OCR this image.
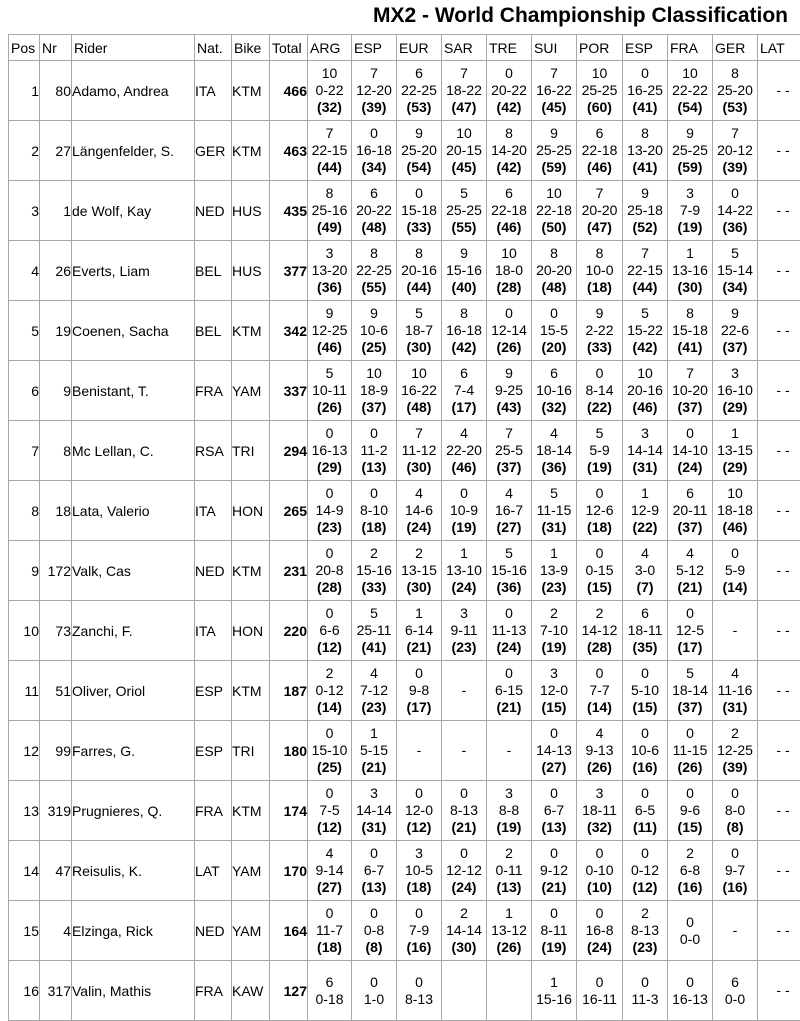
MX2 - World Championship Classification
Pos	Nr	Rider	Nat.	Bike	Total	ARG	ESP	EUR	SAR	TRE	SUI	POR	ESP	FRA	GER	LAT
1	80	Adamo, Andrea	ITA	KTM	466	10
0-22
(32)	7
12-20
(39)	6
22-25
(53)	7
18-22
(47)	0
20-22
(42)	7
16-22
(45)	10
25-25
(60)	0
16-25
(41)	10
22-22
(54)	8
25-20
(53)	- -

2	27	Längenfelder, S.	GER	KTM	463	7
22-15
(44)	0
16-18
(34)	9
25-20
(54)	10
20-15
(45)	8
14-20
(42)	9
25-25
(59)	6
22-18
(46)	8
13-20
(41)	9
25-25
(59)	7
20-12
(39)	- -

3	1	de Wolf, Kay	NED	HUS	435	8
25-16
(49)	6
20-22
(48)	0
15-18
(33)	5
25-25
(55)	6
22-18
(46)	10
22-18
(50)	7
20-20
(47)	9
25-18
(52)	3
7-9
(19)	0
14-22
(36)	- -

4	26	Everts, Liam	BEL	HUS	377	3
13-20
(36)	8
22-25
(55)	8
20-16
(44)	9
15-16
(40)	10
18-0
(28)	8
20-20
(48)	8
10-0
(18)	7
22-15
(44)	1
13-16
(30)	5
15-14
(34)	- -

5	19	Coenen, Sacha	BEL	KTM	342	9
12-25
(46)	9
10-6
(25)	5
18-7
(30)	8
16-18
(42)	0
12-14
(26)	0
15-5
(20)	9
2-22
(33)	5
15-22
(42)	8
15-18
(41)	9
22-6
(37)	- -

6	9	Benistant, T.	FRA	YAM	337	5
10-11
(26)	10
18-9
(37)	10
16-22
(48)	6
7-4
(17)	9
9-25
(43)	6
10-16
(32)	0
8-14
(22)	10
20-16
(46)	7
10-20
(37)	3
16-10
(29)	- -

7	8	Mc Lellan, C.	RSA	TRI	294	0
16-13
(29)	0
11-2
(13)	7
11-12
(30)	4
22-20
(46)	7
25-5
(37)	4
18-14
(36)	5
5-9
(19)	3
14-14
(31)	0
14-10
(24)	1
13-15
(29)	- -

8	18	Lata, Valerio	ITA	HON	265	0
14-9
(23)	0
8-10
(18)	4
14-6
(24)	0
10-9
(19)	4
16-7
(27)	5
11-15
(31)	0
12-6
(18)	1
12-9
(22)	6
20-11
(37)	10
18-18
(46)	- -

9	172	Valk, Cas	NED	KTM	231	0
20-8
(28)	2
15-16
(33)	2
13-15
(30)	1
13-10
(24)	5
15-16
(36)	1
13-9
(23)	0
0-15
(15)	4
3-0
(7)	4
5-12
(21)	0
5-9
(14)	- -

10	73	Zanchi, F.	ITA	HON	220	0
6-6
(12)	5
25-11
(41)	1
6-14
(21)	3
9-11
(23)	0
11-13
(24)	2
7-10
(19)	2
14-12
(28)	6
18-11
(35)	0
12-5
(17)	-	- -

11	51	Oliver, Oriol	ESP	KTM	187	2
0-12
(14)	4
7-12
(23)	0
9-8
(17)	-	0
6-15
(21)	3
12-0
(15)	0
7-7
(14)	0
5-10
(15)	5
18-14
(37)	4
11-16
(31)	- -

12	99	Farres, G.	ESP	TRI	180	0
15-10
(25)	1
5-15
(21)	-	-	-	0
14-13
(27)	4
9-13
(26)	0
10-6
(16)	0
11-15
(26)	2
12-25
(39)	- -

13	319	Prugnieres, Q.	FRA	KTM	174	0
7-5
(12)	3
14-14
(31)	0
12-0
(12)	0
8-13
(21)	3
8-8
(19)	0
6-7
(13)	3
18-11
(32)	0
6-5
(11)	0
9-6
(15)	0
8-0
(8)	- -

14	47	Reisulis, K.	LAT	YAM	170	4
9-14
(27)	0
6-7
(13)	3
10-5
(18)	0
12-12
(24)	2
0-11
(13)	0
9-12
(21)	0
0-10
(10)	0
0-12
(12)	2
6-8
(16)	0
9-7
(16)	- -

15	4	Elzinga, Rick	NED	YAM	164	0
11-7
(18)	0
0-8
(8)	0
7-9
(16)	2
14-14
(30)	1
13-12
(26)	0
8-11
(19)	0
16-8
(24)	2
8-13
(23)	0
0-0	-	- -

16	317	Valin, Mathis	FRA	KAW	127	6
0-18	0
1-0	0
8-13			1
15-16	0
16-11	0
11-3	0
16-13	6
0-0	- -
